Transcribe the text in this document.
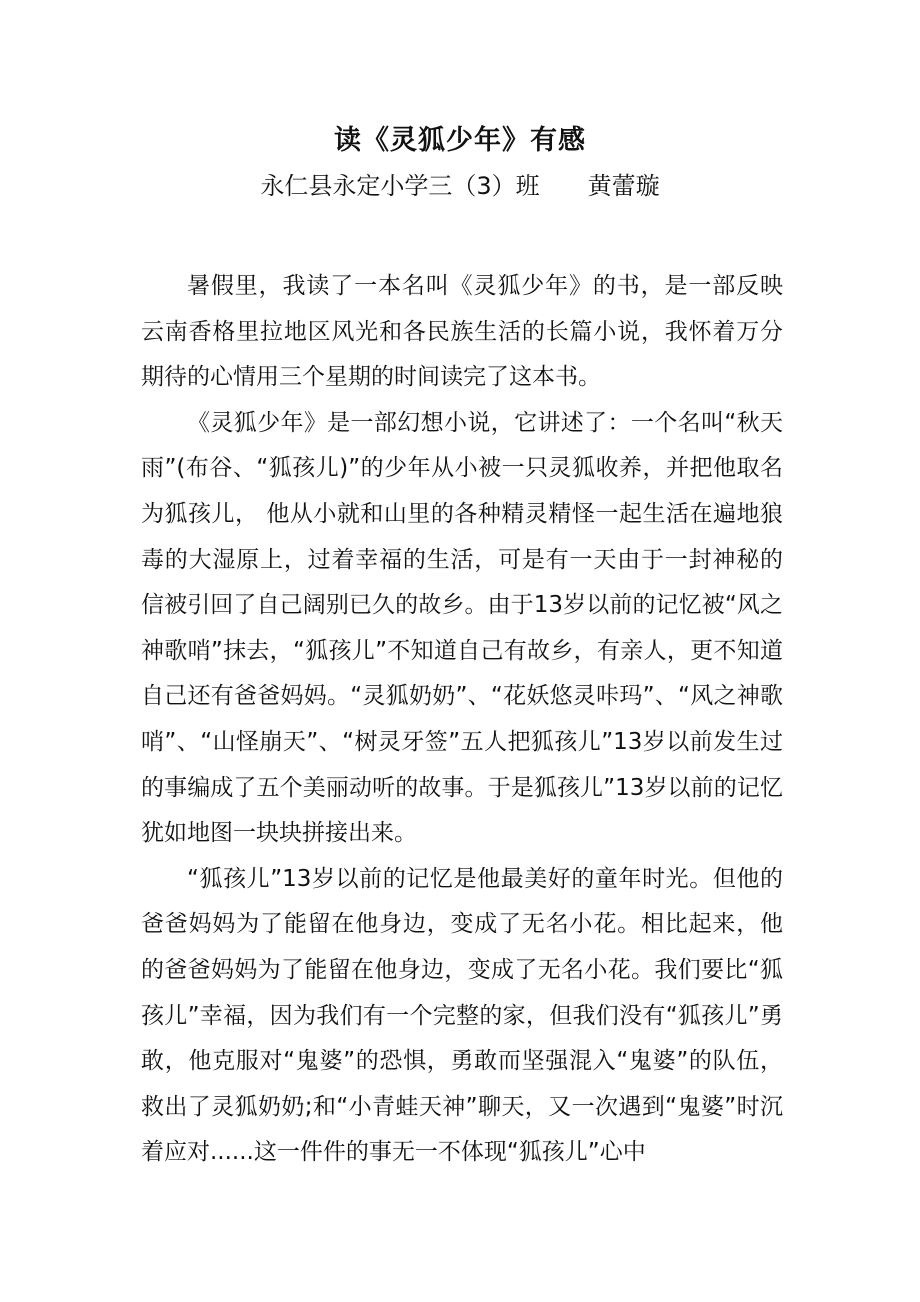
读《灵狐少年》有感

永仁县永定小学三（3）班 黄蕾璇

暑假里，我读了一本名叫《灵狐少年》的书，是一部反映云南香格里拉地区风光和各民族生活的长篇小说，我怀着万分期待的心情用三个星期的时间读完了这本书。

《灵狐少年》是一部幻想小说，它讲述了：一个名叫“秋天雨”(布谷、“狐孩儿)”的少年从小被一只灵狐收养，并把他取名为狐孩儿， 他从小就和山里的各种精灵精怪一起生活在遍地狼毒的大湿原上，过着幸福的生活，可是有一天由于一封神秘的信被引回了自己阔别已久的故乡。由于13岁以前的记忆被“风之神歌哨”抹去，“狐孩儿”不知道自己有故乡，有亲人，更不知道自己还有爸爸妈妈。“灵狐奶奶”、“花妖悠灵咔玛”、“风之神歌哨”、“山怪崩天”、“树灵牙签”五人把狐孩儿”13岁以前发生过的事编成了五个美丽动听的故事。于是狐孩儿”13岁以前的记忆犹如地图一块块拼接出来。

“狐孩儿”13岁以前的记忆是他最美好的童年时光。但他的爸爸妈妈为了能留在他身边，变成了无名小花。相比起来，他的爸爸妈妈为了能留在他身边，变成了无名小花。我们要比“狐孩儿”幸福，因为我们有一个完整的家，但我们没有“狐孩儿”勇敢，他克服对“鬼婆”的恐惧，勇敢而坚强混入“鬼婆”的队伍，救出了灵狐奶奶;和“小青蛙天神”聊天，又一次遇到“鬼婆”时沉着应对......这一件件的事无一不体现“狐孩儿”心中
